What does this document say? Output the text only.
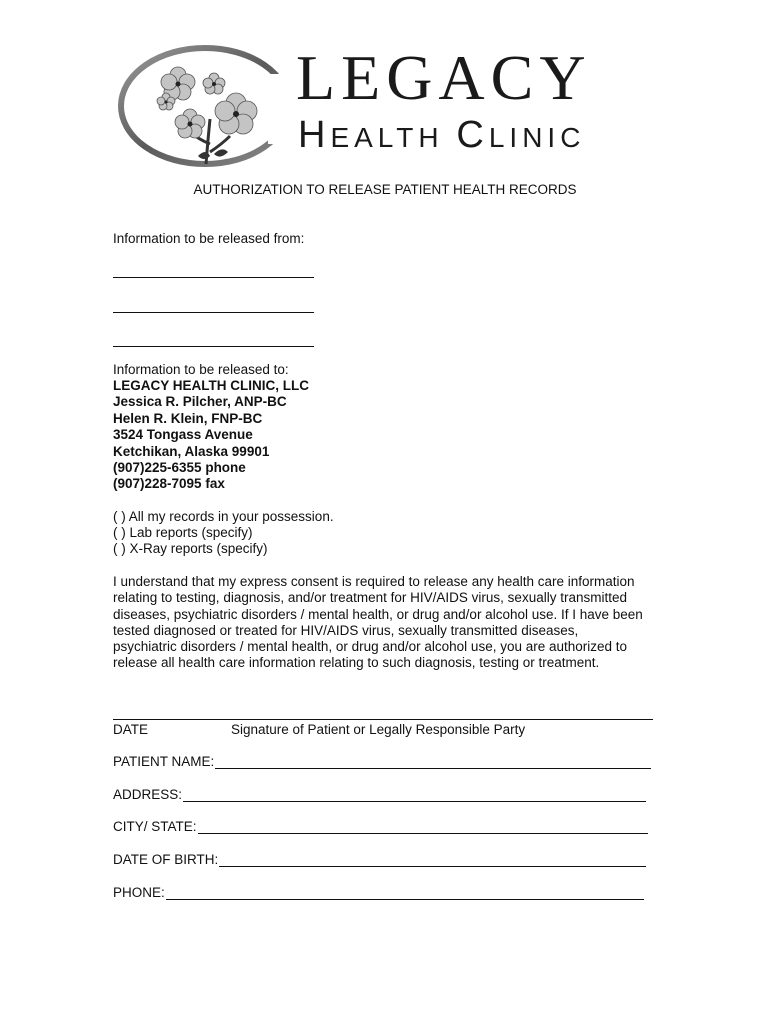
LEGACY
HEALTH CLINIC
AUTHORIZATION TO RELEASE PATIENT HEALTH RECORDS
Information to be released from:
Information to be released to:
LEGACY HEALTH CLINIC, LLC
Jessica R. Pilcher, ANP-BC
Helen R. Klein, FNP-BC
3524 Tongass Avenue
Ketchikan, Alaska 99901
(907)225-6355 phone
(907)228-7095 fax
( ) All my records in your possession.
( ) Lab reports (specify)
( ) X-Ray reports (specify)
I understand that my express consent is required to release any health care information
relating to testing, diagnosis, and/or treatment for HIV/AIDS virus, sexually transmitted
diseases, psychiatric disorders / mental health, or drug and/or alcohol use. If I have been
tested diagnosed or treated for HIV/AIDS virus, sexually transmitted diseases,
psychiatric disorders / mental health, or drug and/or alcohol use, you are authorized to
release all health care information relating to such diagnosis, testing or treatment.
DATE	Signature of Patient or Legally Responsible Party
PATIENT NAME:
ADDRESS:
CITY/ STATE:
DATE OF BIRTH:
PHONE:
